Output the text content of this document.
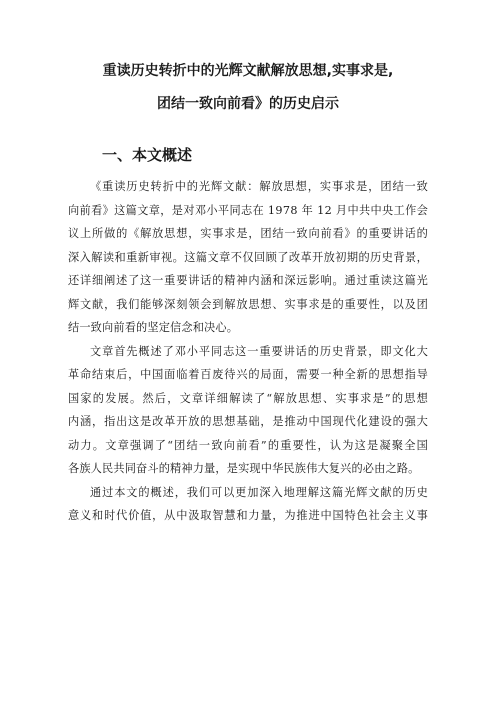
重读历史转折中的光辉文献解放思想,实事求是,
团结一致向前看》的历史启示
一、本文概述
《重读历史转折中的光辉文献：解放思想，实事求是，团结一致
向前看》这篇文章，是对邓小平同志在 1978 年 12 月中共中央工作会
议上所做的《解放思想，实事求是，团结一致向前看》的重要讲话的
深入解读和重新审视。这篇文章不仅回顾了改革开放初期的历史背景，
还详细阐述了这一重要讲话的精神内涵和深远影响。通过重读这篇光
辉文献，我们能够深刻领会到解放思想、实事求是的重要性，以及团
结一致向前看的坚定信念和决心。
文章首先概述了邓小平同志这一重要讲话的历史背景，即文化大
革命结束后，中国面临着百废待兴的局面，需要一种全新的思想指导
国家的发展。然后，文章详细解读了“解放思想、实事求是”的思想
内涵，指出这是改革开放的思想基础，是推动中国现代化建设的强大
动力。文章强调了“团结一致向前看”的重要性，认为这是凝聚全国
各族人民共同奋斗的精神力量，是实现中华民族伟大复兴的必由之路。
通过本文的概述，我们可以更加深入地理解这篇光辉文献的历史
意义和时代价值，从中汲取智慧和力量，为推进中国特色社会主义事
